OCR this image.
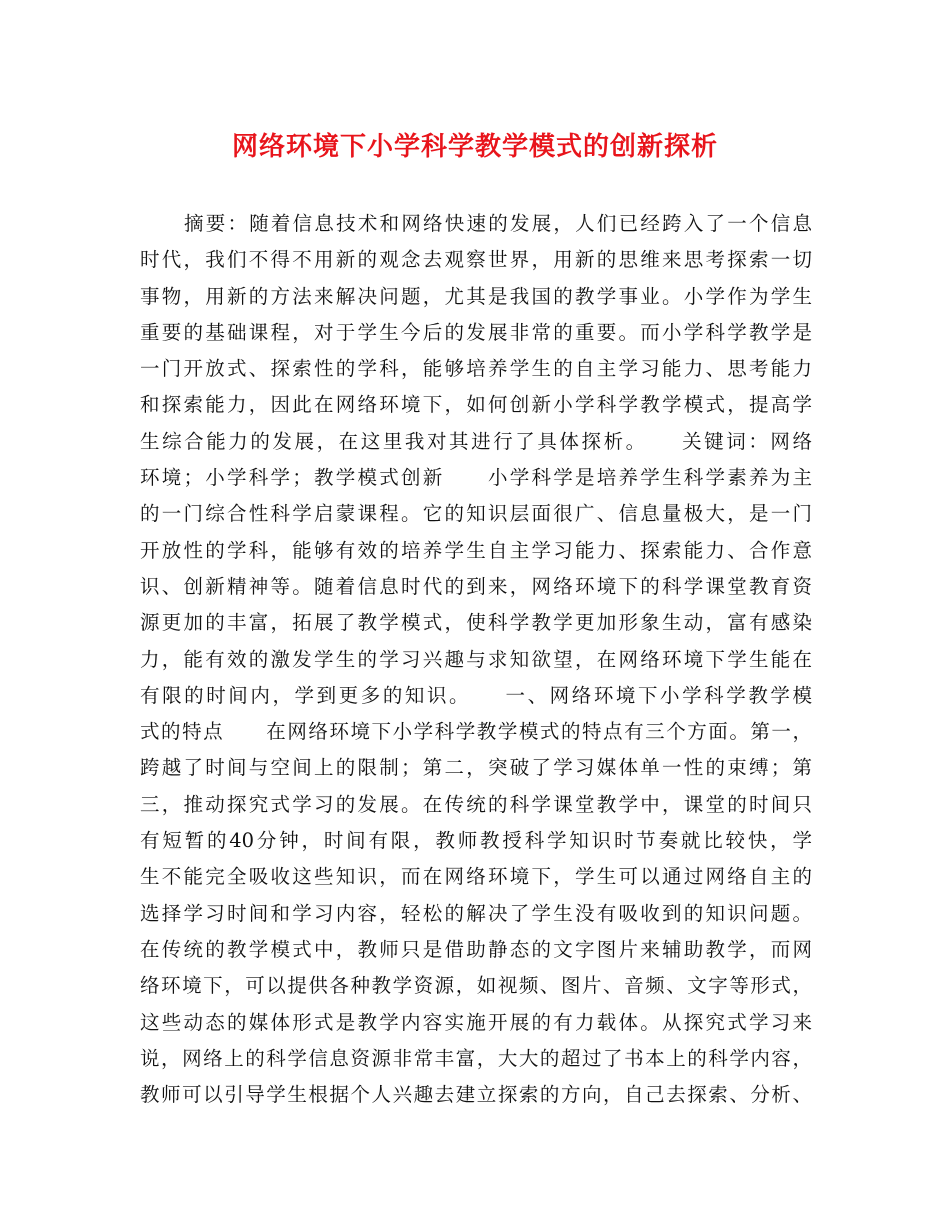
网络环境下小学科学教学模式的创新探析
摘要：随着信息技术和网络快速的发展，人们已经跨入了一个信息
时代，我们不得不用新的观念去观察世界，用新的思维来思考探索一切
事物，用新的方法来解决问题，尤其是我国的教学事业。小学作为学生
重要的基础课程，对于学生今后的发展非常的重要。而小学科学教学是
一门开放式、探索性的学科，能够培养学生的自主学习能力、思考能力
和探索能力，因此在网络环境下，如何创新小学科学教学模式，提高学
生综合能力的发展，在这里我对其进行了具体探析。　　关键词：网络
环境；小学科学；教学模式创新　　小学科学是培养学生科学素养为主
的一门综合性科学启蒙课程。它的知识层面很广、信息量极大，是一门
开放性的学科，能够有效的培养学生自主学习能力、探索能力、合作意
识、创新精神等。随着信息时代的到来，网络环境下的科学课堂教育资
源更加的丰富，拓展了教学模式，使科学教学更加形象生动，富有感染
力，能有效的激发学生的学习兴趣与求知欲望，在网络环境下学生能在
有限的时间内，学到更多的知识。　　一、网络环境下小学科学教学模
式的特点　　在网络环境下小学科学教学模式的特点有三个方面。第一，
跨越了时间与空间上的限制；第二，突破了学习媒体单一性的束缚；第
三，推动探究式学习的发展。在传统的科学课堂教学中，课堂的时间只
有短暂的40分钟，时间有限，教师教授科学知识时节奏就比较快，学
生不能完全吸收这些知识，而在网络环境下，学生可以通过网络自主的
选择学习时间和学习内容，轻松的解决了学生没有吸收到的知识问题。
在传统的教学模式中，教师只是借助静态的文字图片来辅助教学，而网
络环境下，可以提供各种教学资源，如视频、图片、音频、文字等形式，
这些动态的媒体形式是教学内容实施开展的有力载体。从探究式学习来
说，网络上的科学信息资源非常丰富，大大的超过了书本上的科学内容，
教师可以引导学生根据个人兴趣去建立探索的方向，自己去探索、分析、
